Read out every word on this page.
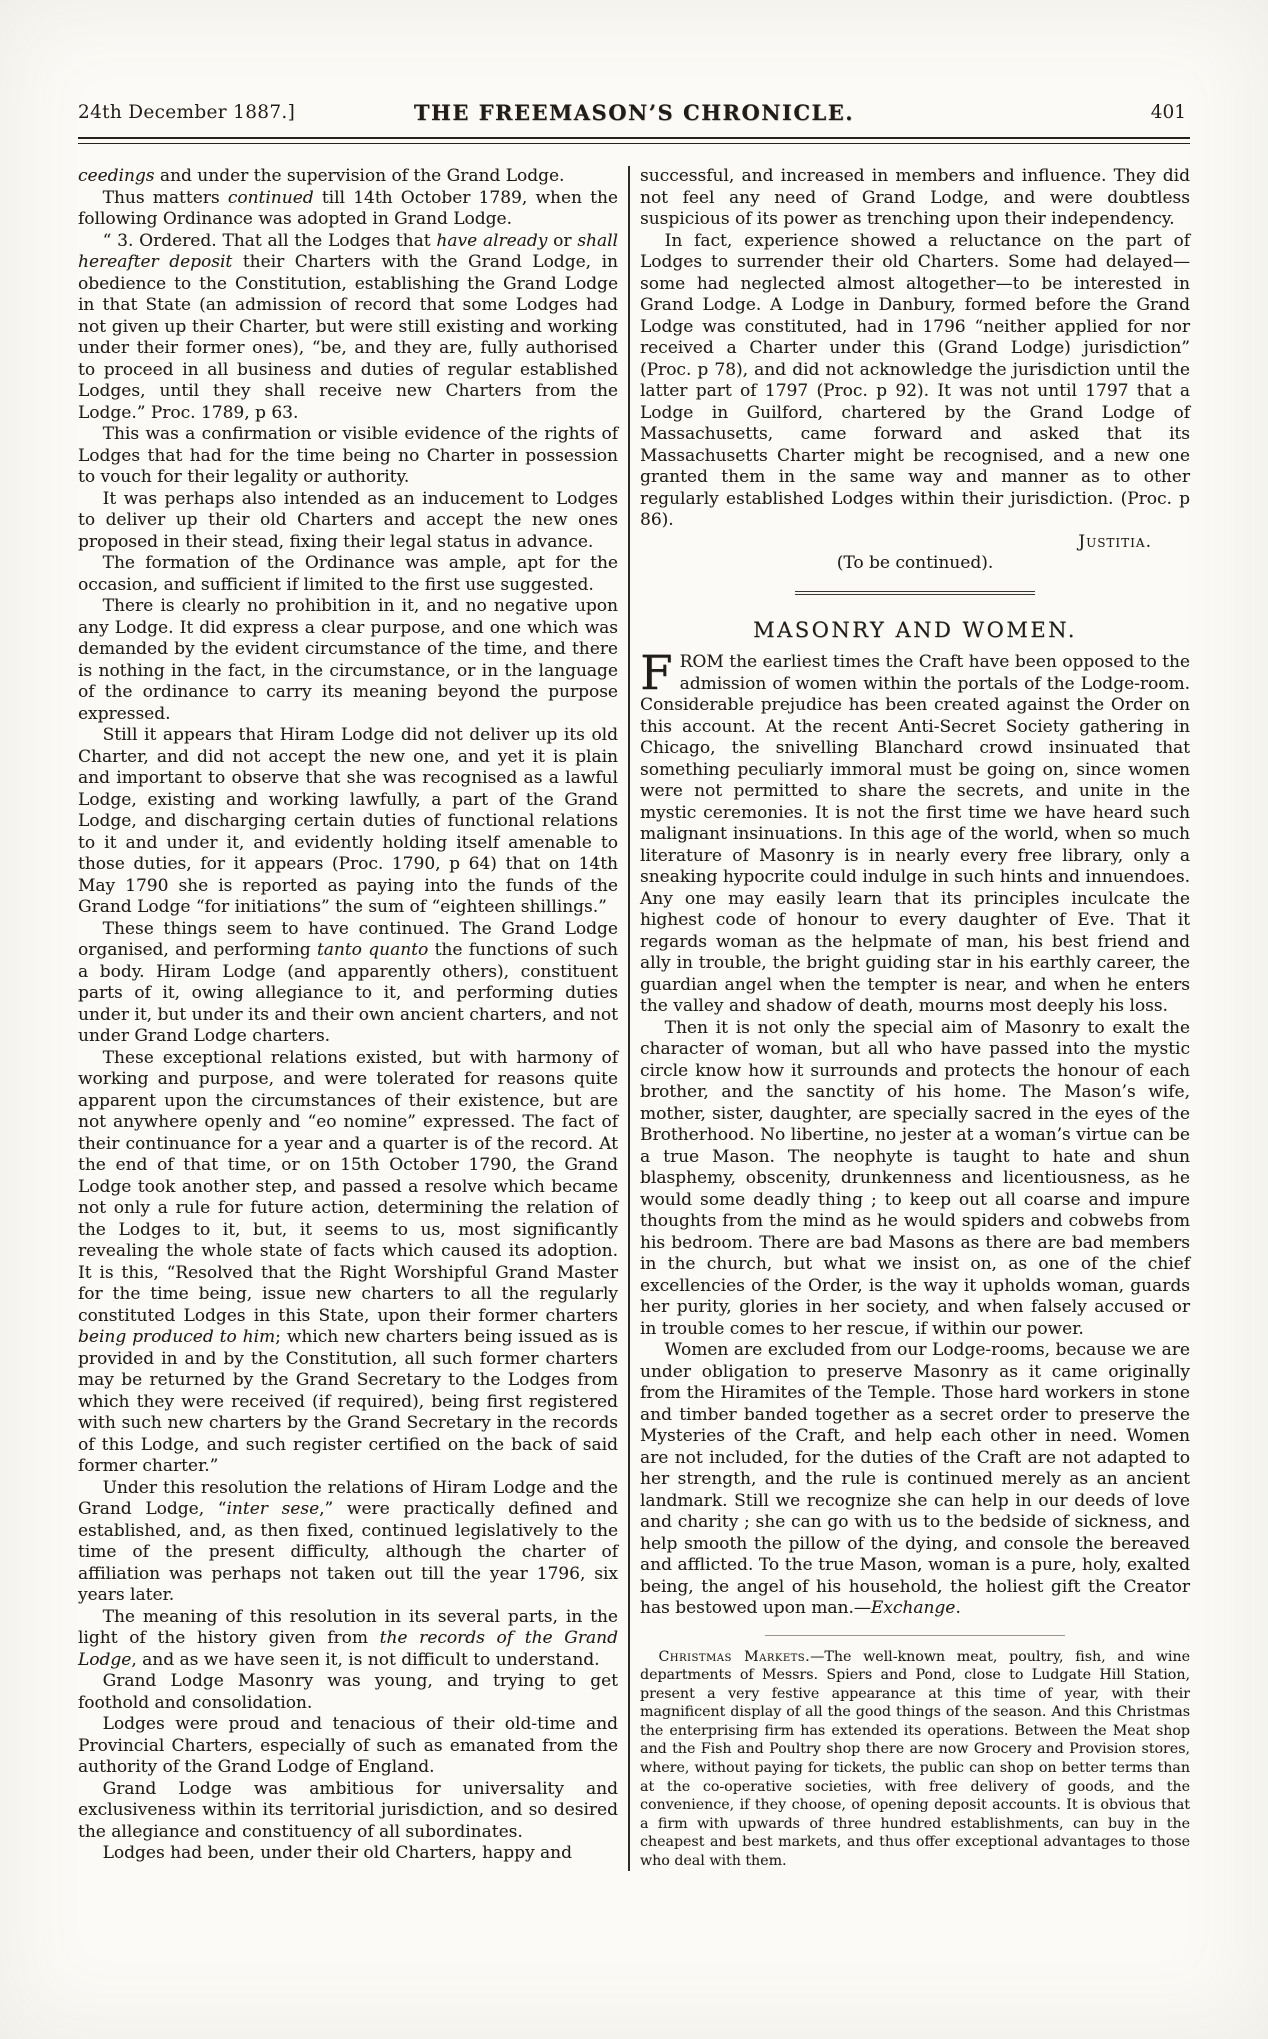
24th December 1887.]	THE FREEMASON’S CHRONICLE.	401

ceedings and under the supervision of the Grand Lodge.

Thus matters continued till 14th October 1789, when the following Ordinance was adopted in Grand Lodge.

“ 3. Ordered. That all the Lodges that have already or shall hereafter deposit their Charters with the Grand Lodge, in obedience to the Constitution, establishing the Grand Lodge in that State (an admission of record that some Lodges had not given up their Charter, but were still existing and working under their former ones), “be, and they are, fully authorised to proceed in all business and duties of regular established Lodges, until they shall receive new Charters from the Lodge.” Proc. 1789, p 63.

This was a confirmation or visible evidence of the rights of Lodges that had for the time being no Charter in possession to vouch for their legality or authority.

It was perhaps also intended as an inducement to Lodges to deliver up their old Charters and accept the new ones proposed in their stead, fixing their legal status in advance.

The formation of the Ordinance was ample, apt for the occasion, and sufficient if limited to the first use suggested.

There is clearly no prohibition in it, and no negative upon any Lodge. It did express a clear purpose, and one which was demanded by the evident circumstance of the time, and there is nothing in the fact, in the circumstance, or in the language of the ordinance to carry its meaning beyond the purpose expressed.

Still it appears that Hiram Lodge did not deliver up its old Charter, and did not accept the new one, and yet it is plain and important to observe that she was recognised as a lawful Lodge, existing and working lawfully, a part of the Grand Lodge, and discharging certain duties of functional relations to it and under it, and evidently holding itself amenable to those duties, for it appears (Proc. 1790, p 64) that on 14th May 1790 she is reported as paying into the funds of the Grand Lodge “for initiations” the sum of “eighteen shillings.”

These things seem to have continued. The Grand Lodge organised, and performing tanto quanto the functions of such a body. Hiram Lodge (and apparently others), constituent parts of it, owing allegiance to it, and performing duties under it, but under its and their own ancient charters, and not under Grand Lodge charters.

These exceptional relations existed, but with harmony of working and purpose, and were tolerated for reasons quite apparent upon the circumstances of their existence, but are not anywhere openly and “eo nomine” expressed. The fact of their continuance for a year and a quarter is of the record. At the end of that time, or on 15th October 1790, the Grand Lodge took another step, and passed a resolve which became not only a rule for future action, determining the relation of the Lodges to it, but, it seems to us, most significantly revealing the whole state of facts which caused its adoption. It is this, “Resolved that the Right Worshipful Grand Master for the time being, issue new charters to all the regularly constituted Lodges in this State, upon their former charters being produced to him; which new charters being issued as is provided in and by the Constitution, all such former charters may be returned by the Grand Secretary to the Lodges from which they were received (if required), being first registered with such new charters by the Grand Secretary in the records of this Lodge, and such register certified on the back of said former charter.”

Under this resolution the relations of Hiram Lodge and the Grand Lodge, “inter sese,” were practically defined and established, and, as then fixed, continued legislatively to the time of the present difficulty, although the charter of affiliation was perhaps not taken out till the year 1796, six years later.

The meaning of this resolution in its several parts, in the light of the history given from the records of the Grand Lodge, and as we have seen it, is not difficult to understand.

Grand Lodge Masonry was young, and trying to get foothold and consolidation.

Lodges were proud and tenacious of their old-time and Provincial Charters, especially of such as emanated from the authority of the Grand Lodge of England.

Grand Lodge was ambitious for universality and exclusiveness within its territorial jurisdiction, and so desired the allegiance and constituency of all subordinates.

Lodges had been, under their old Charters, happy and

successful, and increased in members and influence. They did not feel any need of Grand Lodge, and were doubtless suspicious of its power as trenching upon their independency.

In fact, experience showed a reluctance on the part of Lodges to surrender their old Charters. Some had delayed—some had neglected almost altogether—to be interested in Grand Lodge. A Lodge in Danbury, formed before the Grand Lodge was constituted, had in 1796 “neither applied for nor received a Charter under this (Grand Lodge) jurisdiction” (Proc. p 78), and did not acknowledge the jurisdiction until the latter part of 1797 (Proc. p 92). It was not until 1797 that a Lodge in Guilford, chartered by the Grand Lodge of Massachusetts, came forward and asked that its Massachusetts Charter might be recognised, and a new one granted them in the same way and manner as to other regularly established Lodges within their jurisdiction. (Proc. p 86).

Justitia.

(To be continued).

MASONRY AND WOMEN.

FROM the earliest times the Craft have been opposed to the admission of women within the portals of the Lodge-room. Considerable prejudice has been created against the Order on this account. At the recent Anti-Secret Society gathering in Chicago, the snivelling Blanchard crowd insinuated that something peculiarly immoral must be going on, since women were not permitted to share the secrets, and unite in the mystic ceremonies. It is not the first time we have heard such malignant insinuations. In this age of the world, when so much literature of Masonry is in nearly every free library, only a sneaking hypocrite could indulge in such hints and innuendoes. Any one may easily learn that its principles inculcate the highest code of honour to every daughter of Eve. That it regards woman as the helpmate of man, his best friend and ally in trouble, the bright guiding star in his earthly career, the guardian angel when the tempter is near, and when he enters the valley and shadow of death, mourns most deeply his loss.

Then it is not only the special aim of Masonry to exalt the character of woman, but all who have passed into the mystic circle know how it surrounds and protects the honour of each brother, and the sanctity of his home. The Mason’s wife, mother, sister, daughter, are specially sacred in the eyes of the Brotherhood. No libertine, no jester at a woman’s virtue can be a true Mason. The neophyte is taught to hate and shun blasphemy, obscenity, drunkenness and licentiousness, as he would some deadly thing ; to keep out all coarse and impure thoughts from the mind as he would spiders and cobwebs from his bedroom. There are bad Masons as there are bad members in the church, but what we insist on, as one of the chief excellencies of the Order, is the way it upholds woman, guards her purity, glories in her society, and when falsely accused or in trouble comes to her rescue, if within our power.

Women are excluded from our Lodge-rooms, because we are under obligation to preserve Masonry as it came originally from the Hiramites of the Temple. Those hard workers in stone and timber banded together as a secret order to preserve the Mysteries of the Craft, and help each other in need. Women are not included, for the duties of the Craft are not adapted to her strength, and the rule is continued merely as an ancient landmark. Still we recognize she can help in our deeds of love and charity ; she can go with us to the bedside of sickness, and help smooth the pillow of the dying, and console the bereaved and afflicted. To the true Mason, woman is a pure, holy, exalted being, the angel of his household, the holiest gift the Creator has bestowed upon man.—Exchange.

Christmas Markets.—The well-known meat, poultry, fish, and wine departments of Messrs. Spiers and Pond, close to Ludgate Hill Station, present a very festive appearance at this time of year, with their magnificent display of all the good things of the season. And this Christmas the enterprising firm has extended its operations. Between the Meat shop and the Fish and Poultry shop there are now Grocery and Provision stores, where, without paying for tickets, the public can shop on better terms than at the co-operative societies, with free delivery of goods, and the convenience, if they choose, of opening deposit accounts. It is obvious that a firm with upwards of three hundred establishments, can buy in the cheapest and best markets, and thus offer exceptional advantages to those who deal with them.
